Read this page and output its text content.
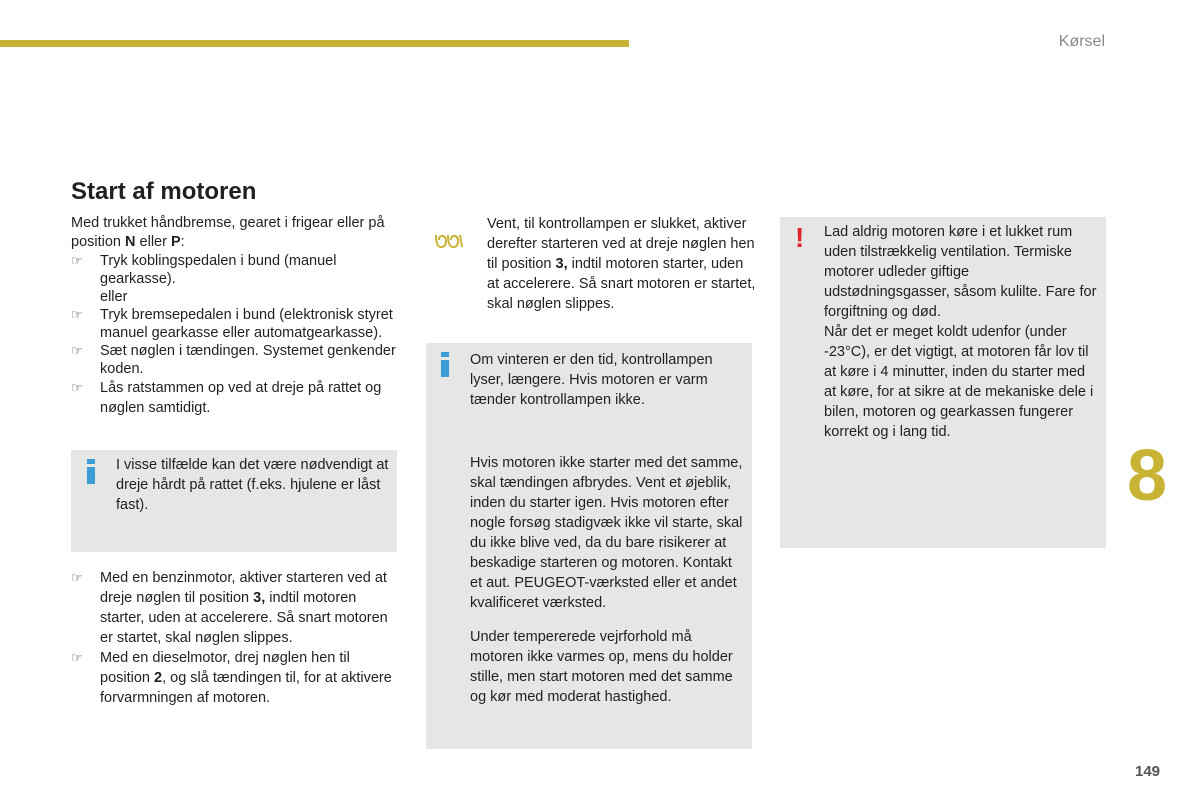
Kørsel
Start af motoren

Med trukket håndbremse, gearet i frigear eller på position N eller P:

☞ Tryk koblingspedalen i bund (manuel gearkasse).
eller
☞ Tryk bremsepedalen i bund (elektronisk styret manuel gearkasse eller automatgearkasse).
☞ Sæt nøglen i tændingen. Systemet genkender koden.
☞ Lås ratstammen op ved at dreje på rattet og nøglen samtidigt.

I visse tilfælde kan det være nødvendigt at dreje hårdt på rattet (f.eks. hjulene er låst fast).

☞ Med en benzinmotor, aktiver starteren ved at dreje nøglen til position 3, indtil motoren starter, uden at accelerere. Så snart motoren er startet, skal nøglen slippes.
☞ Med en dieselmotor, drej nøglen hen til position 2, og slå tændingen til, for at aktivere forvarmningen af motoren.

Vent, til kontrollampen er slukket, aktiver derefter starteren ved at dreje nøglen hen til position 3, indtil motoren starter, uden at accelerere. Så snart motoren er startet, skal nøglen slippes.

Om vinteren er den tid, kontrollampen lyser, længere. Hvis motoren er varm tænder kontrollampen ikke.

Hvis motoren ikke starter med det samme, skal tændingen afbrydes. Vent et øjeblik, inden du starter igen. Hvis motoren efter nogle forsøg stadigvæk ikke vil starte, skal du ikke blive ved, da du bare risikerer at beskadige starteren og motoren. Kontakt et aut. PEUGEOT-værksted eller et andet kvalificeret værksted.

Under tempererede vejrforhold må motoren ikke varmes op, mens du holder stille, men start motoren med det samme og kør med moderat hastighed.

! Lad aldrig motoren køre i et lukket rum uden tilstrækkelig ventilation. Termiske motorer udleder giftige udstødningsgasser, såsom kulilte. Fare for forgiftning og død.

Når det er meget koldt udenfor (under -23°C), er det vigtigt, at motoren får lov til at køre i 4 minutter, inden du starter med at køre, for at sikre at de mekaniske dele i bilen, motoren og gearkassen fungerer korrekt og i lang tid.

8
149
